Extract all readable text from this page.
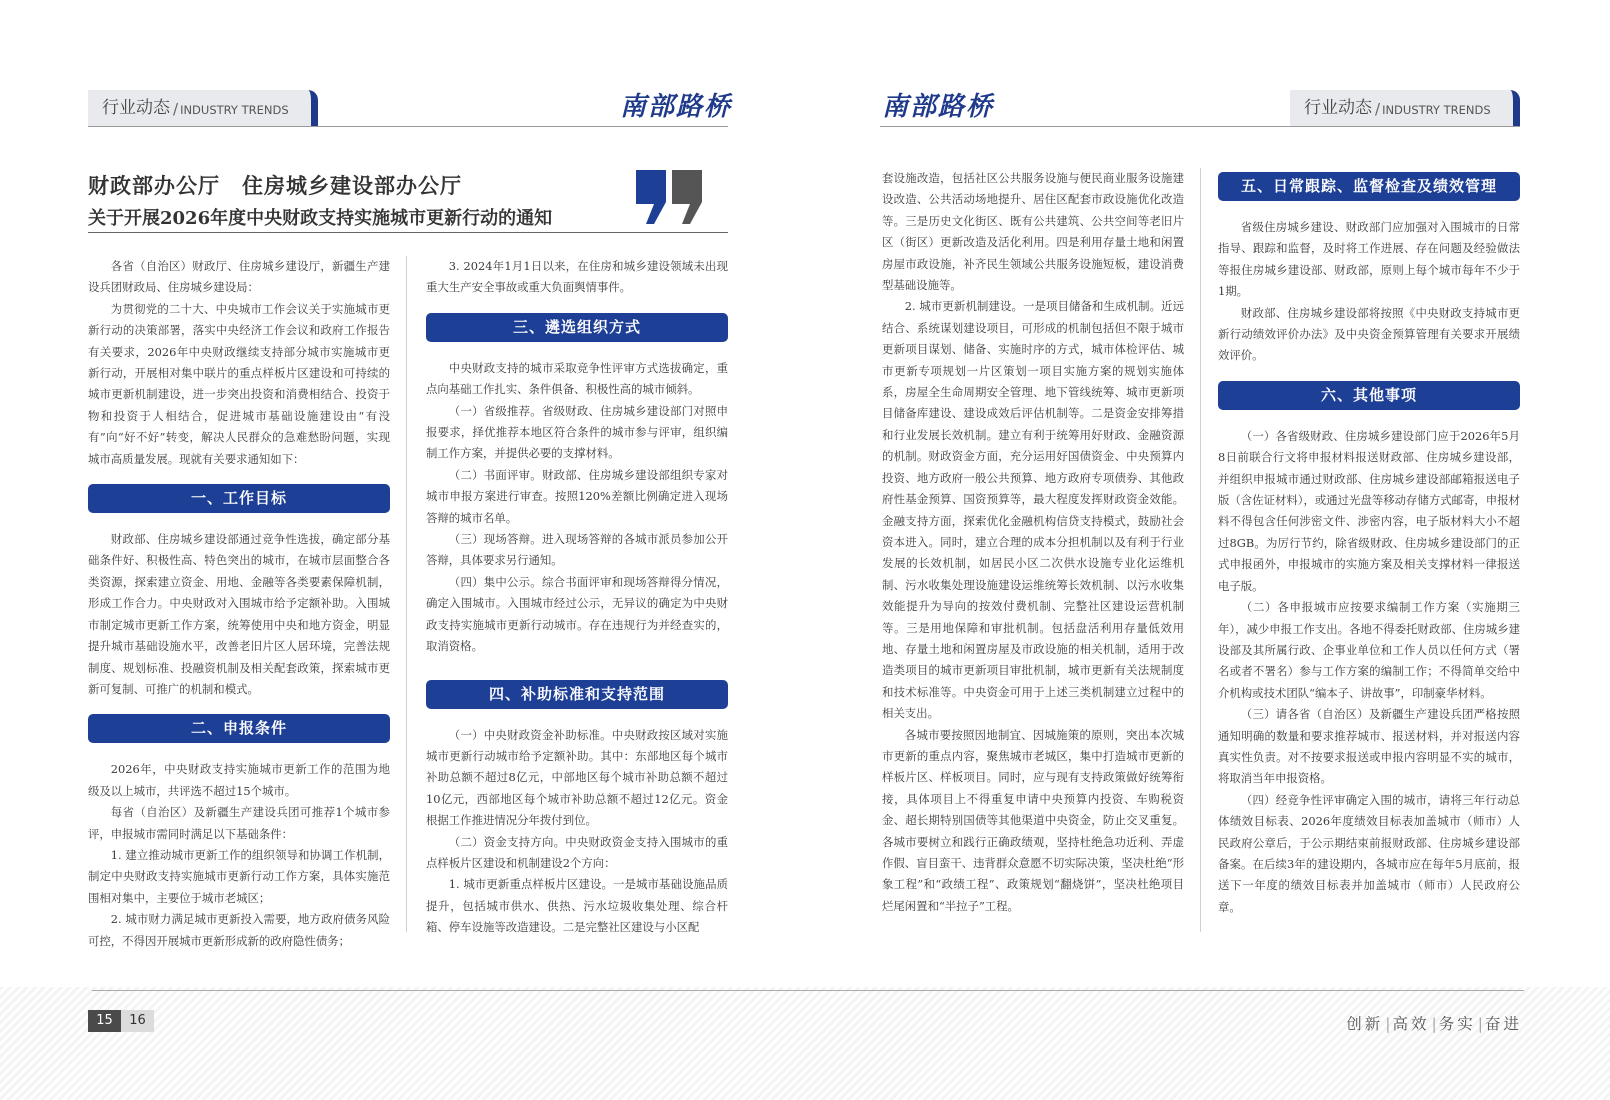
行业动态 / INDUSTRY TRENDS	南部路桥	南部路桥	行业动态 / INDUSTRY TRENDS
财政部办公厅　住房城乡建设部办公厅
关于开展2026年度中央财政支持实施城市更新行动的通知

各省（自治区）财政厅、住房城乡建设厅，新疆生产建设兵团财政局、住房城乡建设局：

为贯彻党的二十大、中央城市工作会议关于实施城市更新行动的决策部署，落实中央经济工作会议和政府工作报告有关要求，2026年中央财政继续支持部分城市实施城市更新行动，开展相对集中联片的重点样板片区建设和可持续的城市更新机制建设，进一步突出投资和消费相结合、投资于物和投资于人相结合，促进城市基础设施建设由“有没有”向“好不好”转变，解决人民群众的急难愁盼问题，实现城市高质量发展。现就有关要求通知如下：

一、工作目标

财政部、住房城乡建设部通过竞争性选拔，确定部分基础条件好、积极性高、特色突出的城市，在城市层面整合各类资源，探索建立资金、用地、金融等各类要素保障机制，形成工作合力。中央财政对入围城市给予定额补助。入围城市制定城市更新工作方案，统筹使用中央和地方资金，明显提升城市基础设施水平，改善老旧片区人居环境，完善法规制度、规划标准、投融资机制及相关配套政策，探索城市更新可复制、可推广的机制和模式。

二、申报条件

2026年，中央财政支持实施城市更新工作的范围为地级及以上城市，共评选不超过15个城市。

每省（自治区）及新疆生产建设兵团可推荐1个城市参评，申报城市需同时满足以下基础条件：

1. 建立推动城市更新工作的组织领导和协调工作机制，制定中央财政支持实施城市更新行动工作方案，具体实施范围相对集中，主要位于城市老城区；

2. 城市财力满足城市更新投入需要，地方政府债务风险可控，不得因开展城市更新形成新的政府隐性债务；

3. 2024年1月1日以来，在住房和城乡建设领域未出现重大生产安全事故或重大负面舆情事件。

三、遴选组织方式

中央财政支持的城市采取竞争性评审方式选拔确定，重点向基础工作扎实、条件俱备、积极性高的城市倾斜。

（一）省级推荐。省级财政、住房城乡建设部门对照申报要求，择优推荐本地区符合条件的城市参与评审，组织编制工作方案，并提供必要的支撑材料。

（二）书面评审。财政部、住房城乡建设部组织专家对城市申报方案进行审查。按照120%差额比例确定进入现场答辩的城市名单。

（三）现场答辩。进入现场答辩的各城市派员参加公开答辩，具体要求另行通知。

（四）集中公示。综合书面评审和现场答辩得分情况，确定入围城市。入围城市经过公示，无异议的确定为中央财政支持实施城市更新行动城市。存在违规行为并经查实的，取消资格。

四、补助标准和支持范围

（一）中央财政资金补助标准。中央财政按区域对实施城市更新行动城市给予定额补助。其中：东部地区每个城市补助总额不超过8亿元，中部地区每个城市补助总额不超过10亿元，西部地区每个城市补助总额不超过12亿元。资金根据工作推进情况分年拨付到位。

（二）资金支持方向。中央财政资金支持入围城市的重点样板片区建设和机制建设2个方向：

1. 城市更新重点样板片区建设。一是城市基础设施品质提升，包括城市供水、供热、污水垃圾收集处理、综合杆箱、停车设施等改造建设。二是完整社区建设与小区配

套设施改造，包括社区公共服务设施与便民商业服务设施建设改造、公共活动场地提升、居住区配套市政设施优化改造等。三是历史文化街区、既有公共建筑、公共空间等老旧片区（街区）更新改造及活化利用。四是利用存量土地和闲置房屋市政设施，补齐民生领域公共服务设施短板，建设消费型基础设施等。

2. 城市更新机制建设。一是项目储备和生成机制。近远结合、系统谋划建设项目，可形成的机制包括但不限于城市更新项目谋划、储备、实施时序的方式，城市体检评估、城市更新专项规划一片区策划一项目实施方案的规划实施体系，房屋全生命周期安全管理、地下管线统筹、城市更新项目储备库建设、建设成效后评估机制等。二是资金安排筹措和行业发展长效机制。建立有利于统筹用好财政、金融资源的机制。财政资金方面，充分运用好国债资金、中央预算内投资、地方政府一般公共预算、地方政府专项债券、其他政府性基金预算、国资预算等，最大程度发挥财政资金效能。金融支持方面，探索优化金融机构信贷支持模式，鼓励社会资本进入。同时，建立合理的成本分担机制以及有利于行业发展的长效机制，如居民小区二次供水设施专业化运维机制、污水收集处理设施建设运维统筹长效机制、以污水收集效能提升为导向的按效付费机制、完整社区建设运营机制等。三是用地保障和审批机制。包括盘活利用存量低效用地、存量土地和闲置房屋及市政设施的相关机制，适用于改造类项目的城市更新项目审批机制，城市更新有关法规制度和技术标准等。中央资金可用于上述三类机制建立过程中的相关支出。

各城市要按照因地制宜、因城施策的原则，突出本次城市更新的重点内容，聚焦城市老城区，集中打造城市更新的样板片区、样板项目。同时，应与现有支持政策做好统筹衔接，具体项目上不得重复申请中央预算内投资、车购税资金、超长期特别国债等其他渠道中央资金，防止交叉重复。各城市要树立和践行正确政绩观，坚持杜绝急功近利、弄虚作假、盲目蛮干、违背群众意愿不切实际决策，坚决杜绝“形象工程”和“政绩工程”、政策规划“翻烧饼”，坚决杜绝项目烂尾闲置和“半拉子”工程。

五、日常跟踪、监督检查及绩效管理

省级住房城乡建设、财政部门应加强对入围城市的日常指导、跟踪和监督，及时将工作进展、存在问题及经验做法等报住房城乡建设部、财政部，原则上每个城市每年不少于1期。

财政部、住房城乡建设部将按照《中央财政支持城市更新行动绩效评价办法》及中央资金预算管理有关要求开展绩效评价。

六、其他事项

（一）各省级财政、住房城乡建设部门应于2026年5月8日前联合行文将申报材料报送财政部、住房城乡建设部，并组织申报城市通过财政部、住房城乡建设部邮箱报送电子版（含佐证材料），或通过光盘等移动存储方式邮寄，申报材料不得包含任何涉密文件、涉密内容，电子版材料大小不超过8GB。为厉行节约，除省级财政、住房城乡建设部门的正式申报函外，申报城市的实施方案及相关支撑材料一律报送电子版。

（二）各申报城市应按要求编制工作方案（实施期三年），减少申报工作支出。各地不得委托财政部、住房城乡建设部及其所属行政、企事业单位和工作人员以任何方式（署名或者不署名）参与工作方案的编制工作；不得简单交给中介机构或技术团队“编本子、讲故事”，印制豪华材料。

（三）请各省（自治区）及新疆生产建设兵团严格按照通知明确的数量和要求推荐城市、报送材料，并对报送内容真实性负责。对不按要求报送或申报内容明显不实的城市，将取消当年申报资格。

（四）经竞争性评审确定入围的城市，请将三年行动总体绩效目标表、2026年度绩效目标表加盖城市（师市）人民政府公章后，于公示期结束前报财政部、住房城乡建设部备案。在后续3年的建设期内，各城市应在每年5月底前，报送下一年度的绩效目标表并加盖城市（师市）人民政府公章。

15	16	创新 | 高效 | 务实 | 奋进
